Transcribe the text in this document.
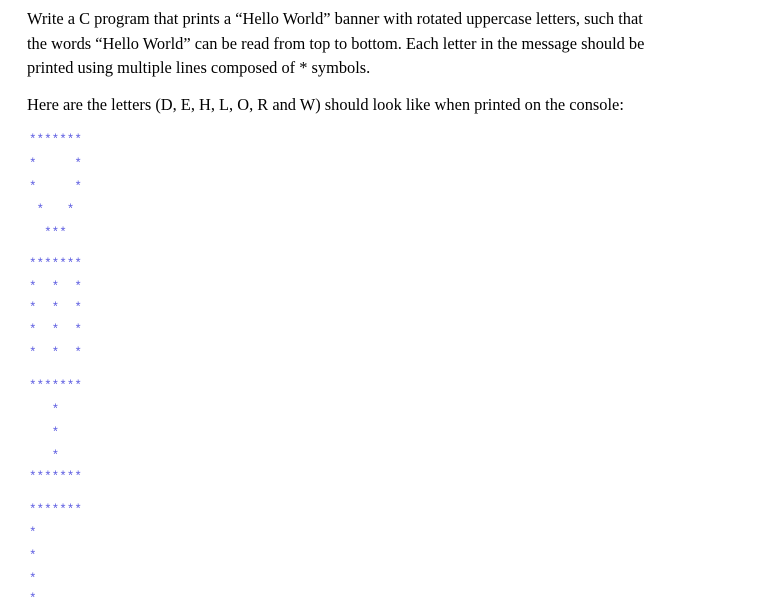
Write a C program that prints a “Hello World” banner with rotated uppercase letters, such that
the words “Hello World” can be read from top to bottom. Each letter in the message should be
printed using multiple lines composed of * symbols.

Here are the letters (D, E, H, L, O, R and W) should look like when printed on the console:

*******
*     *
*     *
*   *
***
*******
*  *  *
*  *  *
*  *  *
*  *  *
*******
*
*
*
*******
*******
*
*
*
*
